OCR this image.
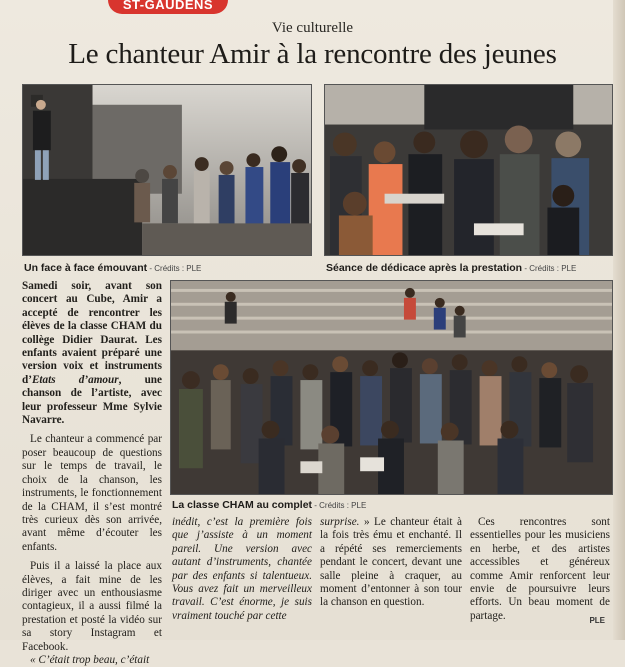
ST-GAUDENS
Vie culturelle
Le chanteur Amir à la rencontre des jeunes
Un face à face émouvant - Crédits : PLE	Séance de dédicace après la prestation - Crédits : PLE
La classe CHAM au complet - Crédits : PLE

Samedi soir, avant son concert au Cube, Amir a accepté de rencontrer les élèves de la classe CHAM du collège Didier Daurat. Les enfants avaient préparé une version voix et instruments d’Etats d’amour, une chanson de l’artiste, avec leur professeur Mme Sylvie Navarre.

Le chanteur a commencé par poser beaucoup de questions sur le temps de travail, le choix de la chanson, les instruments, le fonctionnement de la CHAM, il s’est montré très curieux dès son arrivée, avant même d’écouter les enfants.

Puis il a laissé la place aux élèves, a fait mine de les diriger avec un enthousiasme contagieux, il a aussi filmé la prestation et posté la vidéo sur sa story Instagram et Facebook.

« C’était trop beau, c’était

inédit, c’est la première fois que j’assiste à un moment pareil. Une version avec autant d’instruments, chantée par des enfants si talentueux. Vous avez fait un merveilleux travail. C’est énorme, je suis vraiment touché par cette

surprise. » Le chanteur était à la fois très ému et enchanté. Il a répété ses remerciements pendant le concert, devant une salle pleine à craquer, au moment d’entonner à son tour la chanson en question.

Ces rencontres sont essentielles pour les musiciens en herbe, et des artistes accessibles et généreux comme Amir renforcent leur envie de poursuivre leurs efforts. Un beau moment de partage.	PLE
